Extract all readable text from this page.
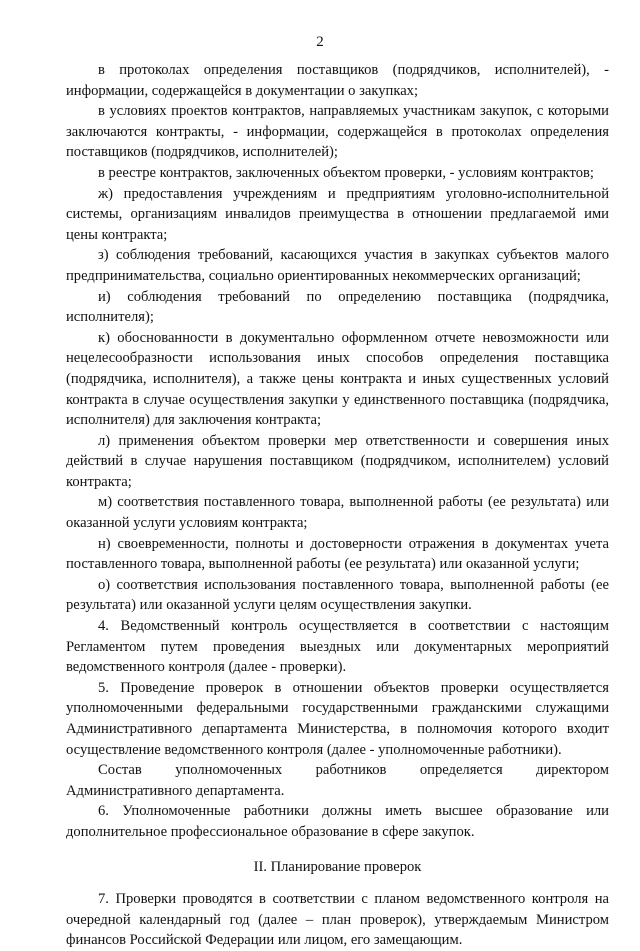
2

в протоколах определения поставщиков (подрядчиков, исполнителей), - информации, содержащейся в документации о закупках;

в условиях проектов контрактов, направляемых участникам закупок, с которыми заключаются контракты, - информации, содержащейся в протоколах определения поставщиков (подрядчиков, исполнителей);

в реестре контрактов, заключенных объектом проверки, - условиям контрактов;

ж) предоставления учреждениям и предприятиям уголовно-исполнительной системы, организациям инвалидов преимущества в отношении предлагаемой ими цены контракта;

з) соблюдения требований, касающихся участия в закупках субъектов малого предпринимательства, социально ориентированных некоммерческих организаций;

и) соблюдения требований по определению поставщика (подрядчика, исполнителя);

к) обоснованности в документально оформленном отчете невозможности или нецелесообразности использования иных способов определения поставщика (подрядчика, исполнителя), а также цены контракта и иных существенных условий контракта в случае осуществления закупки у единственного поставщика (подрядчика, исполнителя) для заключения контракта;

л) применения объектом проверки мер ответственности и совершения иных действий в случае нарушения поставщиком (подрядчиком, исполнителем) условий контракта;

м) соответствия поставленного товара, выполненной работы (ее результата) или оказанной услуги условиям контракта;

н) своевременности, полноты и достоверности отражения в документах учета поставленного товара, выполненной работы (ее результата) или оказанной услуги;

о) соответствия использования поставленного товара, выполненной работы (ее результата) или оказанной услуги целям осуществления закупки.

4. Ведомственный контроль осуществляется в соответствии с настоящим Регламентом путем проведения выездных или документарных мероприятий ведомственного контроля (далее - проверки).

5. Проведение проверок в отношении объектов проверки осуществляется уполномоченными федеральными государственными гражданскими служащими Административного департамента Министерства, в полномочия которого входит осуществление ведомственного контроля (далее - уполномоченные работники).

Состав уполномоченных работников определяется директором

Административного департамента.

6. Уполномоченные работники должны иметь высшее образование или дополнительное профессиональное образование в сфере закупок.

II. Планирование проверок

7. Проверки проводятся в соответствии с планом ведомственного контроля на очередной календарный год (далее – план проверок), утверждаемым Министром финансов Российской Федерации или лицом, его замещающим.
